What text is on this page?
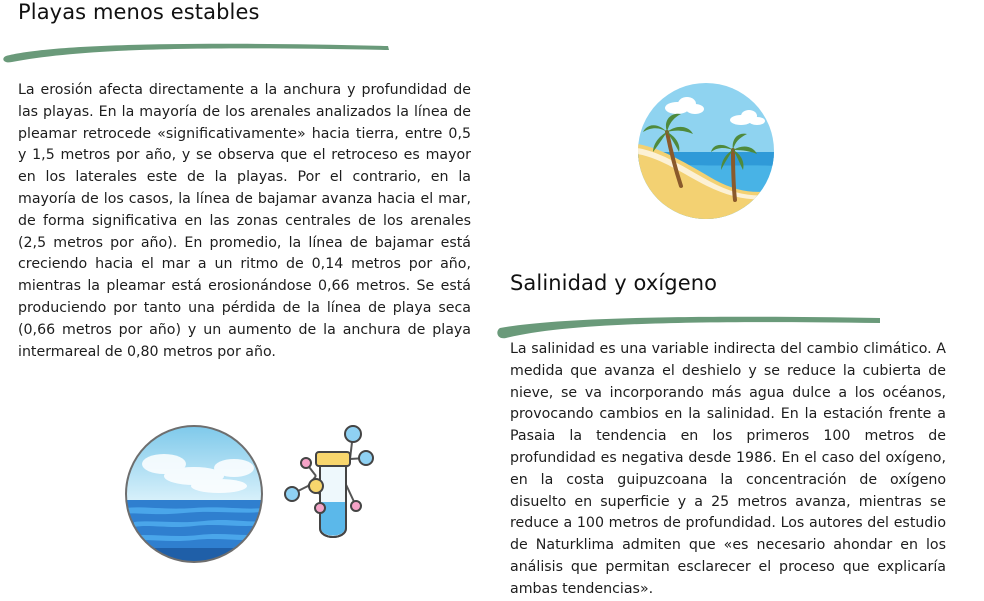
Playas menos estables

La erosión afecta directamente a la anchura y profundidad de las playas. En la mayoría de los arenales analizados la línea de pleamar retrocede «significativamente» hacia tierra, entre 0,5 y 1,5 metros por año, y se observa que el retroceso es mayor en los laterales este de la playas. Por el contrario, en la mayoría de los casos, la línea de bajamar avanza hacia el mar, de forma significativa en las zonas centrales de los arenales (2,5 metros por año). En promedio, la línea de bajamar está creciendo hacia el mar a un ritmo de 0,14 metros por año, mientras la pleamar está erosionándose 0,66 metros. Se está produciendo por tanto una pérdida de la línea de playa seca (0,66 metros por año) y un aumento de la anchura de playa intermareal de 0,80 metros por año.

Salinidad y oxígeno

La salinidad es una variable indirecta del cambio climático. A medida que avanza el deshielo y se reduce la cubierta de nieve, se va incorporando más agua dulce a los océanos, provocando cambios en la salinidad. En la estación frente a Pasaia la tendencia en los primeros 100 metros de profundidad es negativa desde 1986. En el caso del oxígeno, en la costa guipuzcoana la concentración de oxígeno disuelto en superficie y a 25 metros avanza, mientras se reduce a 100 metros de profundidad. Los autores del estudio de Naturklima admiten que «es necesario ahondar en los análisis que permitan esclarecer el proceso que explicaría ambas tendencias».
